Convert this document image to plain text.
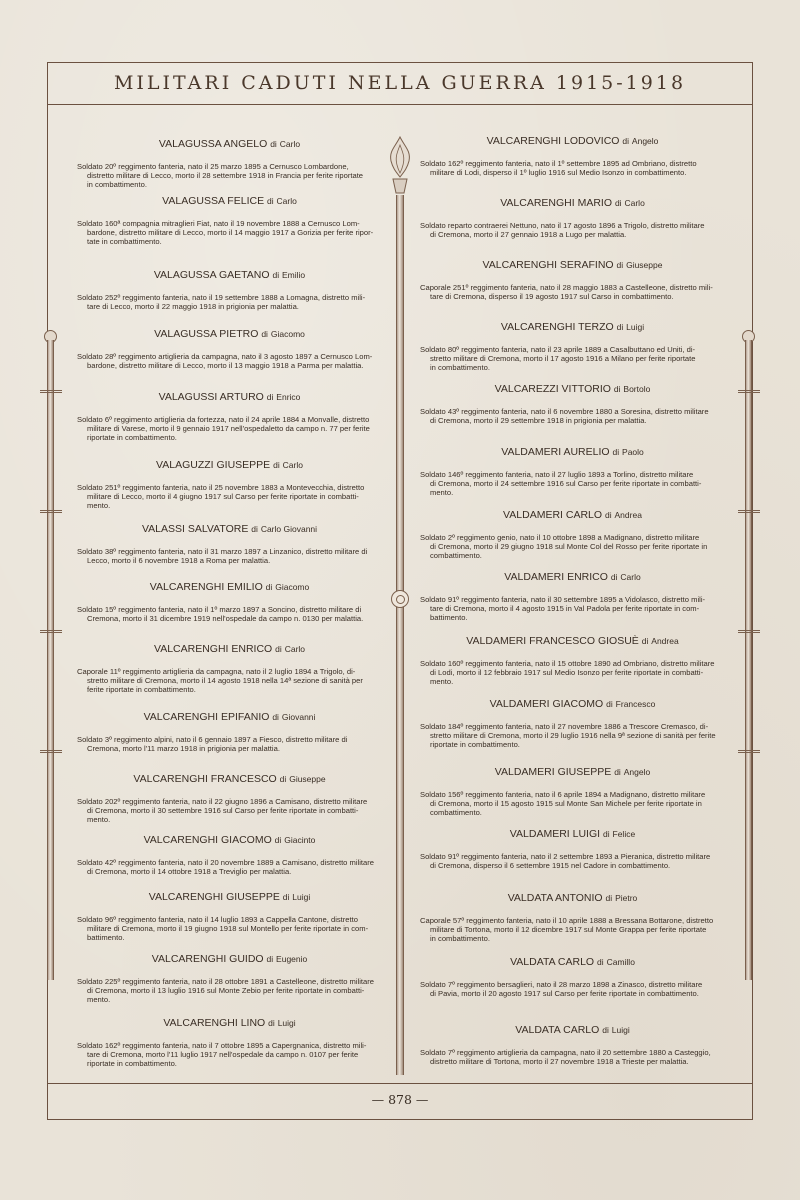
MILITARI CADUTI NELLA GUERRA 1915-1918
VALAGUSSA ANGELO di Carlo
Soldato 20º reggimento fanteria, nato il 25 marzo 1895 a Cernusco Lombardone,
distretto militare di Lecco, morto il 28 settembre 1918 in Francia per ferite riportate
in combattimento.
VALAGUSSA FELICE di Carlo
Soldato 160ª compagnia mitraglieri Fiat, nato il 19 novembre 1888 a Cernusco Lom-
bardone, distretto militare di Lecco, morto il 14 maggio 1917 a Gorizia per ferite ripor-
tate in combattimento.
VALAGUSSA GAETANO di Emilio
Soldato 252º reggimento fanteria, nato il 19 settembre 1888 a Lomagna, distretto mili-
tare di Lecco, morto il 22 maggio 1918 in prigionia per malattia.
VALAGUSSA PIETRO di Giacomo
Soldato 28º reggimento artiglieria da campagna, nato il 3 agosto 1897 a Cernusco Lom-
bardone, distretto militare di Lecco, morto il 13 maggio 1918 a Parma per malattia.
VALAGUSSI ARTURO di Enrico
Soldato 6º reggimento artiglieria da fortezza, nato il 24 aprile 1884 a Monvalle, distretto
militare di Varese, morto il 9 gennaio 1917 nell'ospedaletto da campo n. 77 per ferite
riportate in combattimento.
VALAGUZZI GIUSEPPE di Carlo
Soldato 251º reggimento fanteria, nato il 25 novembre 1883 a Montevecchia, distretto
militare di Lecco, morto il 4 giugno 1917 sul Carso per ferite riportate in combatti-
mento.
VALASSI SALVATORE di Carlo Giovanni
Soldato 38º reggimento fanteria, nato il 31 marzo 1897 a Linzanico, distretto militare di
Lecco, morto il 6 novembre 1918 a Roma per malattia.
VALCARENGHI EMILIO di Giacomo
Soldato 15º reggimento fanteria, nato il 1º marzo 1897 a Soncino, distretto militare di
Cremona, morto il 31 dicembre 1919 nell'ospedale da campo n. 0130 per malattia.
VALCARENGHI ENRICO di Carlo
Caporale 11º reggimento artiglieria da campagna, nato il 2 luglio 1894 a Trigolo, di-
stretto militare di Cremona, morto il 14 agosto 1918 nella 14ª sezione di sanità per
ferite riportate in combattimento.
VALCARENGHI EPIFANIO di Giovanni
Soldato 3º reggimento alpini, nato il 6 gennaio 1897 a Fiesco, distretto militare di
Cremona, morto l'11 marzo 1918 in prigionia per malattia.
VALCARENGHI FRANCESCO di Giuseppe
Soldato 202º reggimento fanteria, nato il 22 giugno 1896 a Camisano, distretto militare
di Cremona, morto il 30 settembre 1916 sul Carso per ferite riportate in combatti-
mento.
VALCARENGHI GIACOMO di Giacinto
Soldato 42º reggimento fanteria, nato il 20 novembre 1889 a Camisano, distretto militare
di Cremona, morto il 14 ottobre 1918 a Treviglio per malattia.
VALCARENGHI GIUSEPPE di Luigi
Soldato 96º reggimento fanteria, nato il 14 luglio 1893 a Cappella Cantone, distretto
militare di Cremona, morto il 19 giugno 1918 sul Montello per ferite riportate in com-
battimento.
VALCARENGHI GUIDO di Eugenio
Soldato 225º reggimento fanteria, nato il 28 ottobre 1891 a Castelleone, distretto militare
di Cremona, morto il 13 luglio 1916 sul Monte Zebio per ferite riportate in combatti-
mento.
VALCARENGHI LINO di Luigi
Soldato 162º reggimento fanteria, nato il 7 ottobre 1895 a Capergnanica, distretto mili-
tare di Cremona, morto l'11 luglio 1917 nell'ospedale da campo n. 0107 per ferite
riportate in combattimento.
VALCARENGHI LODOVICO di Angelo
Soldato 162º reggimento fanteria, nato il 1º settembre 1895 ad Ombriano, distretto
militare di Lodi, disperso il 1º luglio 1916 sul Medio Isonzo in combattimento.
VALCARENGHI MARIO di Carlo
Soldato reparto contraerei Nettuno, nato il 17 agosto 1896 a Trigolo, distretto militare
di Cremona, morto il 27 gennaio 1918 a Lugo per malattia.
VALCARENGHI SERAFINO di Giuseppe
Caporale 251º reggimento fanteria, nato il 28 maggio 1883 a Castelleone, distretto mili-
tare di Cremona, disperso il 19 agosto 1917 sul Carso in combattimento.
VALCARENGHI TERZO di Luigi
Soldato 80º reggimento fanteria, nato il 23 aprile 1889 a Casalbuttano ed Uniti, di-
stretto militare di Cremona, morto il 17 agosto 1916 a Milano per ferite riportate
in combattimento.
VALCAREZZI VITTORIO di Bortolo
Soldato 43º reggimento fanteria, nato il 6 novembre 1880 a Soresina, distretto militare
di Cremona, morto il 29 settembre 1918 in prigionia per malattia.
VALDAMERI AURELIO di Paolo
Soldato 146º reggimento fanteria, nato il 27 luglio 1893 a Torlino, distretto militare
di Cremona, morto il 24 settembre 1916 sul Carso per ferite riportate in combatti-
mento.
VALDAMERI CARLO di Andrea
Soldato 2º reggimento genio, nato il 10 ottobre 1898 a Madignano, distretto militare
di Cremona, morto il 29 giugno 1918 sul Monte Col del Rosso per ferite riportate in
combattimento.
VALDAMERI ENRICO di Carlo
Soldato 91º reggimento fanteria, nato il 30 settembre 1895 a Vidolasco, distretto mili-
tare di Cremona, morto il 4 agosto 1915 in Val Padola per ferite riportate in com-
battimento.
VALDAMERI FRANCESCO GIOSUÈ di Andrea
Soldato 160º reggimento fanteria, nato il 15 ottobre 1890 ad Ombriano, distretto militare
di Lodi, morto il 12 febbraio 1917 sul Medio Isonzo per ferite riportate in combatti-
mento.
VALDAMERI GIACOMO di Francesco
Soldato 184º reggimento fanteria, nato il 27 novembre 1886 a Trescore Cremasco, di-
stretto militare di Cremona, morto il 29 luglio 1916 nella 9ª sezione di sanità per ferite
riportate in combattimento.
VALDAMERI GIUSEPPE di Angelo
Soldato 156º reggimento fanteria, nato il 6 aprile 1894 a Madignano, distretto militare
di Cremona, morto il 15 agosto 1915 sul Monte San Michele per ferite riportate in
combattimento.
VALDAMERI LUIGI di Felice
Soldato 91º reggimento fanteria, nato il 2 settembre 1893 a Pieranica, distretto militare
di Cremona, disperso il 6 settembre 1915 nel Cadore in combattimento.
VALDATA ANTONIO di Pietro
Caporale 57º reggimento fanteria, nato il 10 aprile 1888 a Bressana Bottarone, distretto
militare di Tortona, morto il 12 dicembre 1917 sul Monte Grappa per ferite riportate
in combattimento.
VALDATA CARLO di Camillo
Soldato 7º reggimento bersaglieri, nato il 28 marzo 1898 a Zinasco, distretto militare
di Pavia, morto il 20 agosto 1917 sul Carso per ferite riportate in combattimento.
VALDATA CARLO di Luigi
Soldato 7º reggimento artiglieria da campagna, nato il 20 settembre 1880 a Casteggio,
distretto militare di Tortona, morto il 27 novembre 1918 a Trieste per malattia.
— 878 —
